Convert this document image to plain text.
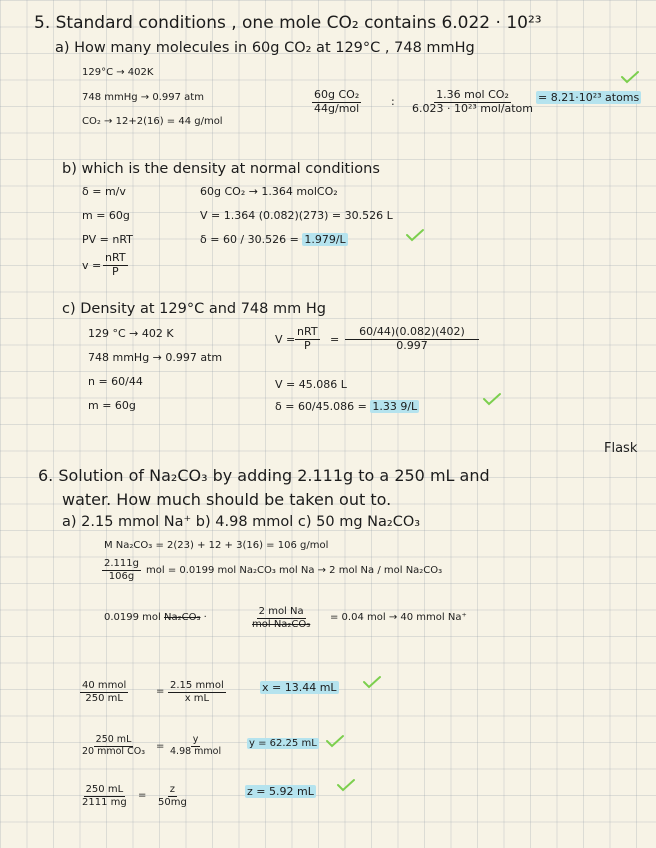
5. Standard conditions , one mole CO₂ contains 6.022 · 10²³
a) How many molecules in 60g CO₂ at 129°C , 748 mmHg
129°C → 402K
748 mmHg → 0.997 atm
CO₂ → 12+2(16) = 44 g/mol
60g CO₂
44g/mol
:
1.36 mol CO₂
6.023 · 10²³ mol/atom
= 8.21·10²³ atoms
b) which is the density at normal conditions
δ = m/v
m = 60g
PV = nRT
v =
nRT
P
60g CO₂ → 1.364 molCO₂
V = 1.364 (0.082)(273) = 30.526 L
δ = 60 / 30.526 = 1.979/L
c) Density at 129°C and 748 mm Hg
129 °C → 402 K
748 mmHg → 0.997 atm
n = 60/44
m = 60g
V =
nRT
$P = \frac{60/44)(0.082)(402)}{0.997}$
V = 45.086 L
δ = 60/45.086 = 1.33 9/L
Flask
6. Solution of Na₂CO₃ by adding 2.111g to a 250 mL and
water. How much should be taken out to.
a) 2.15 mmol Na⁺ b) 4.98 mmol c) 50 mg Na₂CO₃
M Na₂CO₃ = 2(23) + 12 + 3(16) = 106 g/mol
$\frac{2.111g}{106g}$ mol = 0.0199 mol Na₂CO₃ mol Na → 2 mol Na / mol Na₂CO₃
0.0199 mol Na₂CO₃ ·
2 mol Na
mol Na₂CO₃
= 0.04 mol → 40 mmol Na⁺
40 mmol
250 mL
=
2.15 mmol
x mL
x = 13.44 mL
250 mL
20 mmol CO₃ =
y
4.98 mmol
y = 62.25 mL
$\frac{250 mL}{2111 mg} = \frac{z}{50mg}$	z = 5.92 mL
